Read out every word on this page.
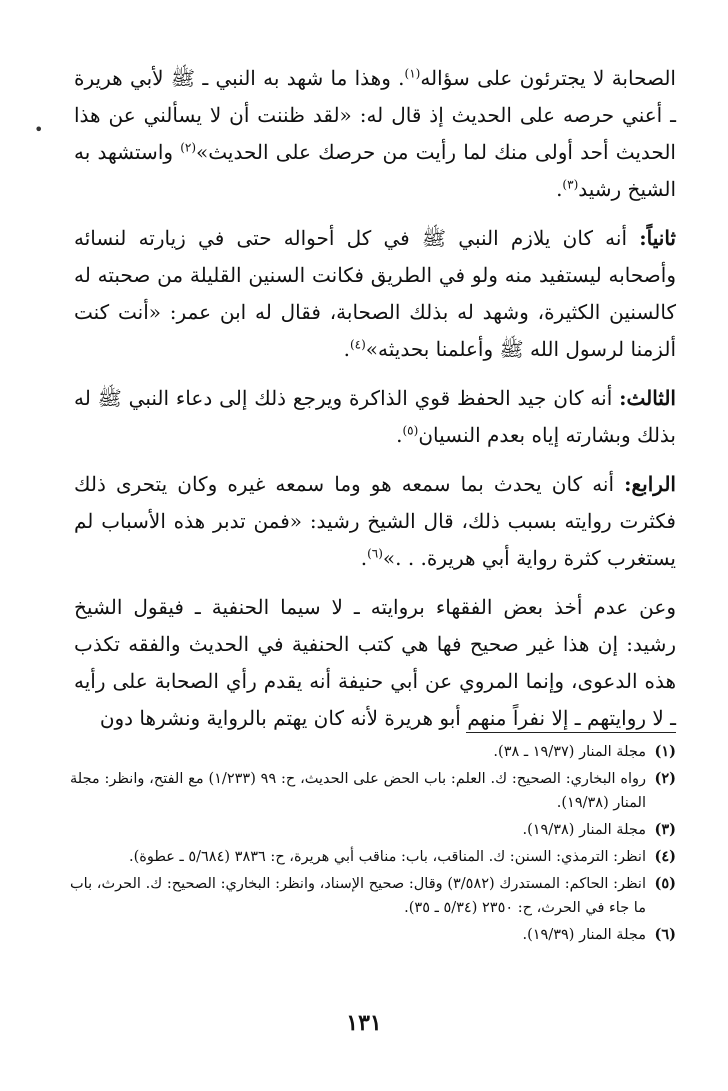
الصحابة لا يجترئون على سؤاله$^{(١)}$. وهذا ما شهد به النبي ـ ﷺ لأبي هريرة ـ أعني حرصه على الحديث إذ قال له: «لقد ظننت أن لا يسألني عن هذا الحديث أحد أولى منك لما رأيت من حرصك على الحديث»$^{(٢)}$ واستشهد به الشيخ رشيد$^{(٣)}$.

ثانياً: أنه كان يلازم النبي ﷺ في كل أحواله حتى في زيارته لنسائه وأصحابه ليستفيد منه ولو في الطريق فكانت السنين القليلة من صحبته له كالسنين الكثيرة، وشهد له بذلك الصحابة، فقال له ابن عمر: «أنت كنت ألزمنا لرسول الله ﷺ وأعلمنا بحديثه»$^{(٤)}$.

الثالث: أنه كان جيد الحفظ قوي الذاكرة ويرجع ذلك إلى دعاء النبي ﷺ له بذلك وبشارته إياه بعدم النسيان$^{(٥)}$.

الرابع: أنه كان يحدث بما سمعه هو وما سمعه غيره وكان يتحرى ذلك فكثرت روايته بسبب ذلك، قال الشيخ رشيد: «فمن تدبر هذه الأسباب لم يستغرب كثرة رواية أبي هريرة. . .»$^{(٦)}$.

وعن عدم أخذ بعض الفقهاء بروايته ـ لا سيما الحنفية ـ فيقول الشيخ رشيد: إن هذا غير صحيح فها هي كتب الحنفية في الحديث والفقه تكذب هذه الدعوى، وإنما المروي عن أبي حنيفة أنه يقدم رأي الصحابة على رأيه ـ لا روايتهم ـ إلا نفراً منهم أبو هريرة لأنه كان يهتم بالرواية ونشرها دون

•
(١)
مجلة المنار (١٩/٣٧ ـ ٣٨).
(٢)
رواه البخاري: الصحيح: ك. العلم: باب الحض على الحديث، ح: ٩٩ (١/٢٣٣) مع الفتح، وانظر: مجلة المنار (١٩/٣٨).
(٣)
مجلة المنار (١٩/٣٨).
(٤)
انظر: الترمذي: السنن: ك. المناقب، باب: مناقب أبي هريرة، ح: ٣٨٣٦ (٥/٦٨٤ ـ عطوة).
(٥)
انظر: الحاكم: المستدرك (٣/٥٨٢) وقال: صحيح الإسناد، وانظر: البخاري: الصحيح: ك. الحرث، باب ما جاء في الحرث، ح: ٢٣٥٠ (٥/٣٤ ـ ٣٥).
(٦)
مجلة المنار (١٩/٣٩).
١٣١
